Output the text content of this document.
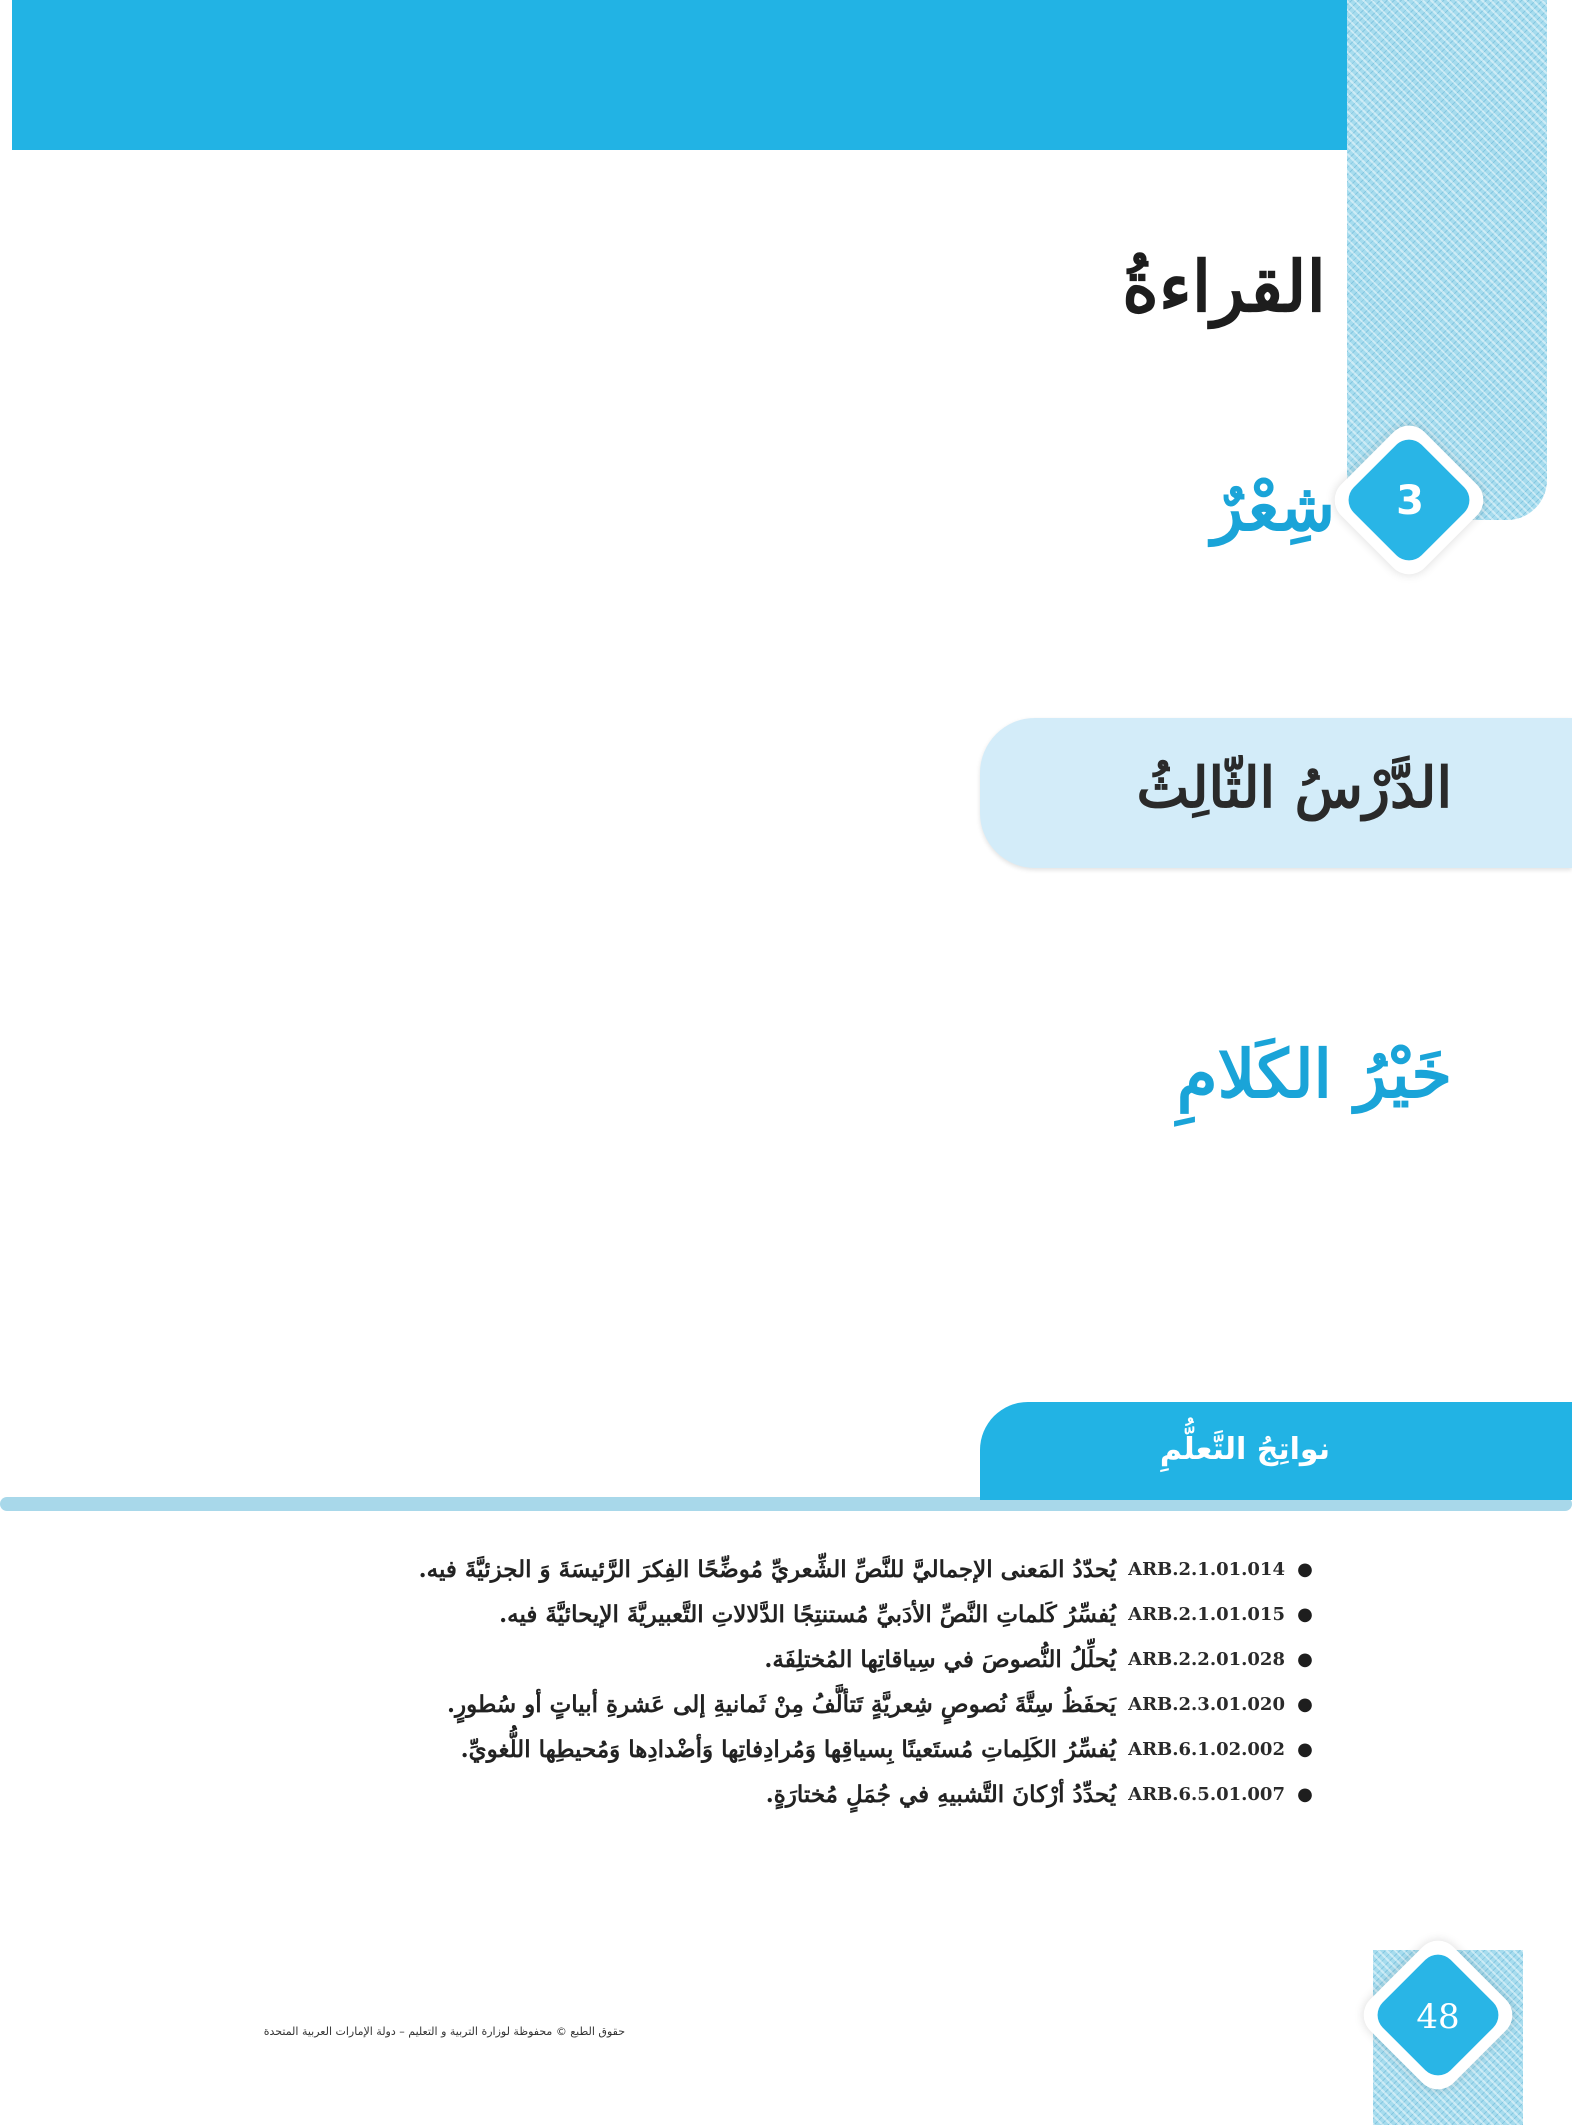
3
القراءةُ
شِعْرٌ
الدَّرْسُ الثّالِثُ
خَيْرُ الكَلامِ
نواتِجُ التَّعلُّمِ
●
ARB.2.1.01.014
يُحدّدُ المَعنى الإجماليَّ للنَّصِّ الشِّعريِّ مُوضِّحًا الفِكرَ الرَّئيسَةَ وَ الجزئيَّةَ فيه.
●
ARB.2.1.01.015
يُفسِّرُ كَلماتِ النَّصِّ الأدَبيِّ مُستنتِجًا الدَّلالاتِ التَّعبيريَّةَ الإيحائيَّةَ فيه.
●
ARB.2.2.01.028
يُحلِّلُ النُّصوصَ في سِياقاتِها المُختلِفَة.
●
ARB.2.3.01.020
يَحفَظُ سِتَّةَ نُصوصٍ شِعريَّةٍ تَتألَّفُ مِنْ ثَمانيةِ إلى عَشرةِ أبياتٍ أو سُطورٍ.
●
ARB.6.1.02.002
يُفسِّرُ الكَلِماتِ مُستَعينًا بِسياقِها وَمُرادِفاتِها وَأضْدادِها وَمُحيطِها اللُّغويِّ.
●
ARB.6.5.01.007
يُحدِّدُ أرْكانَ التَّشبيهِ في جُمَلٍ مُختارَةٍ.
48
حقوق الطبع © محفوظة لوزارة التربية و التعليم – دولة الإمارات العربية المتحدة
